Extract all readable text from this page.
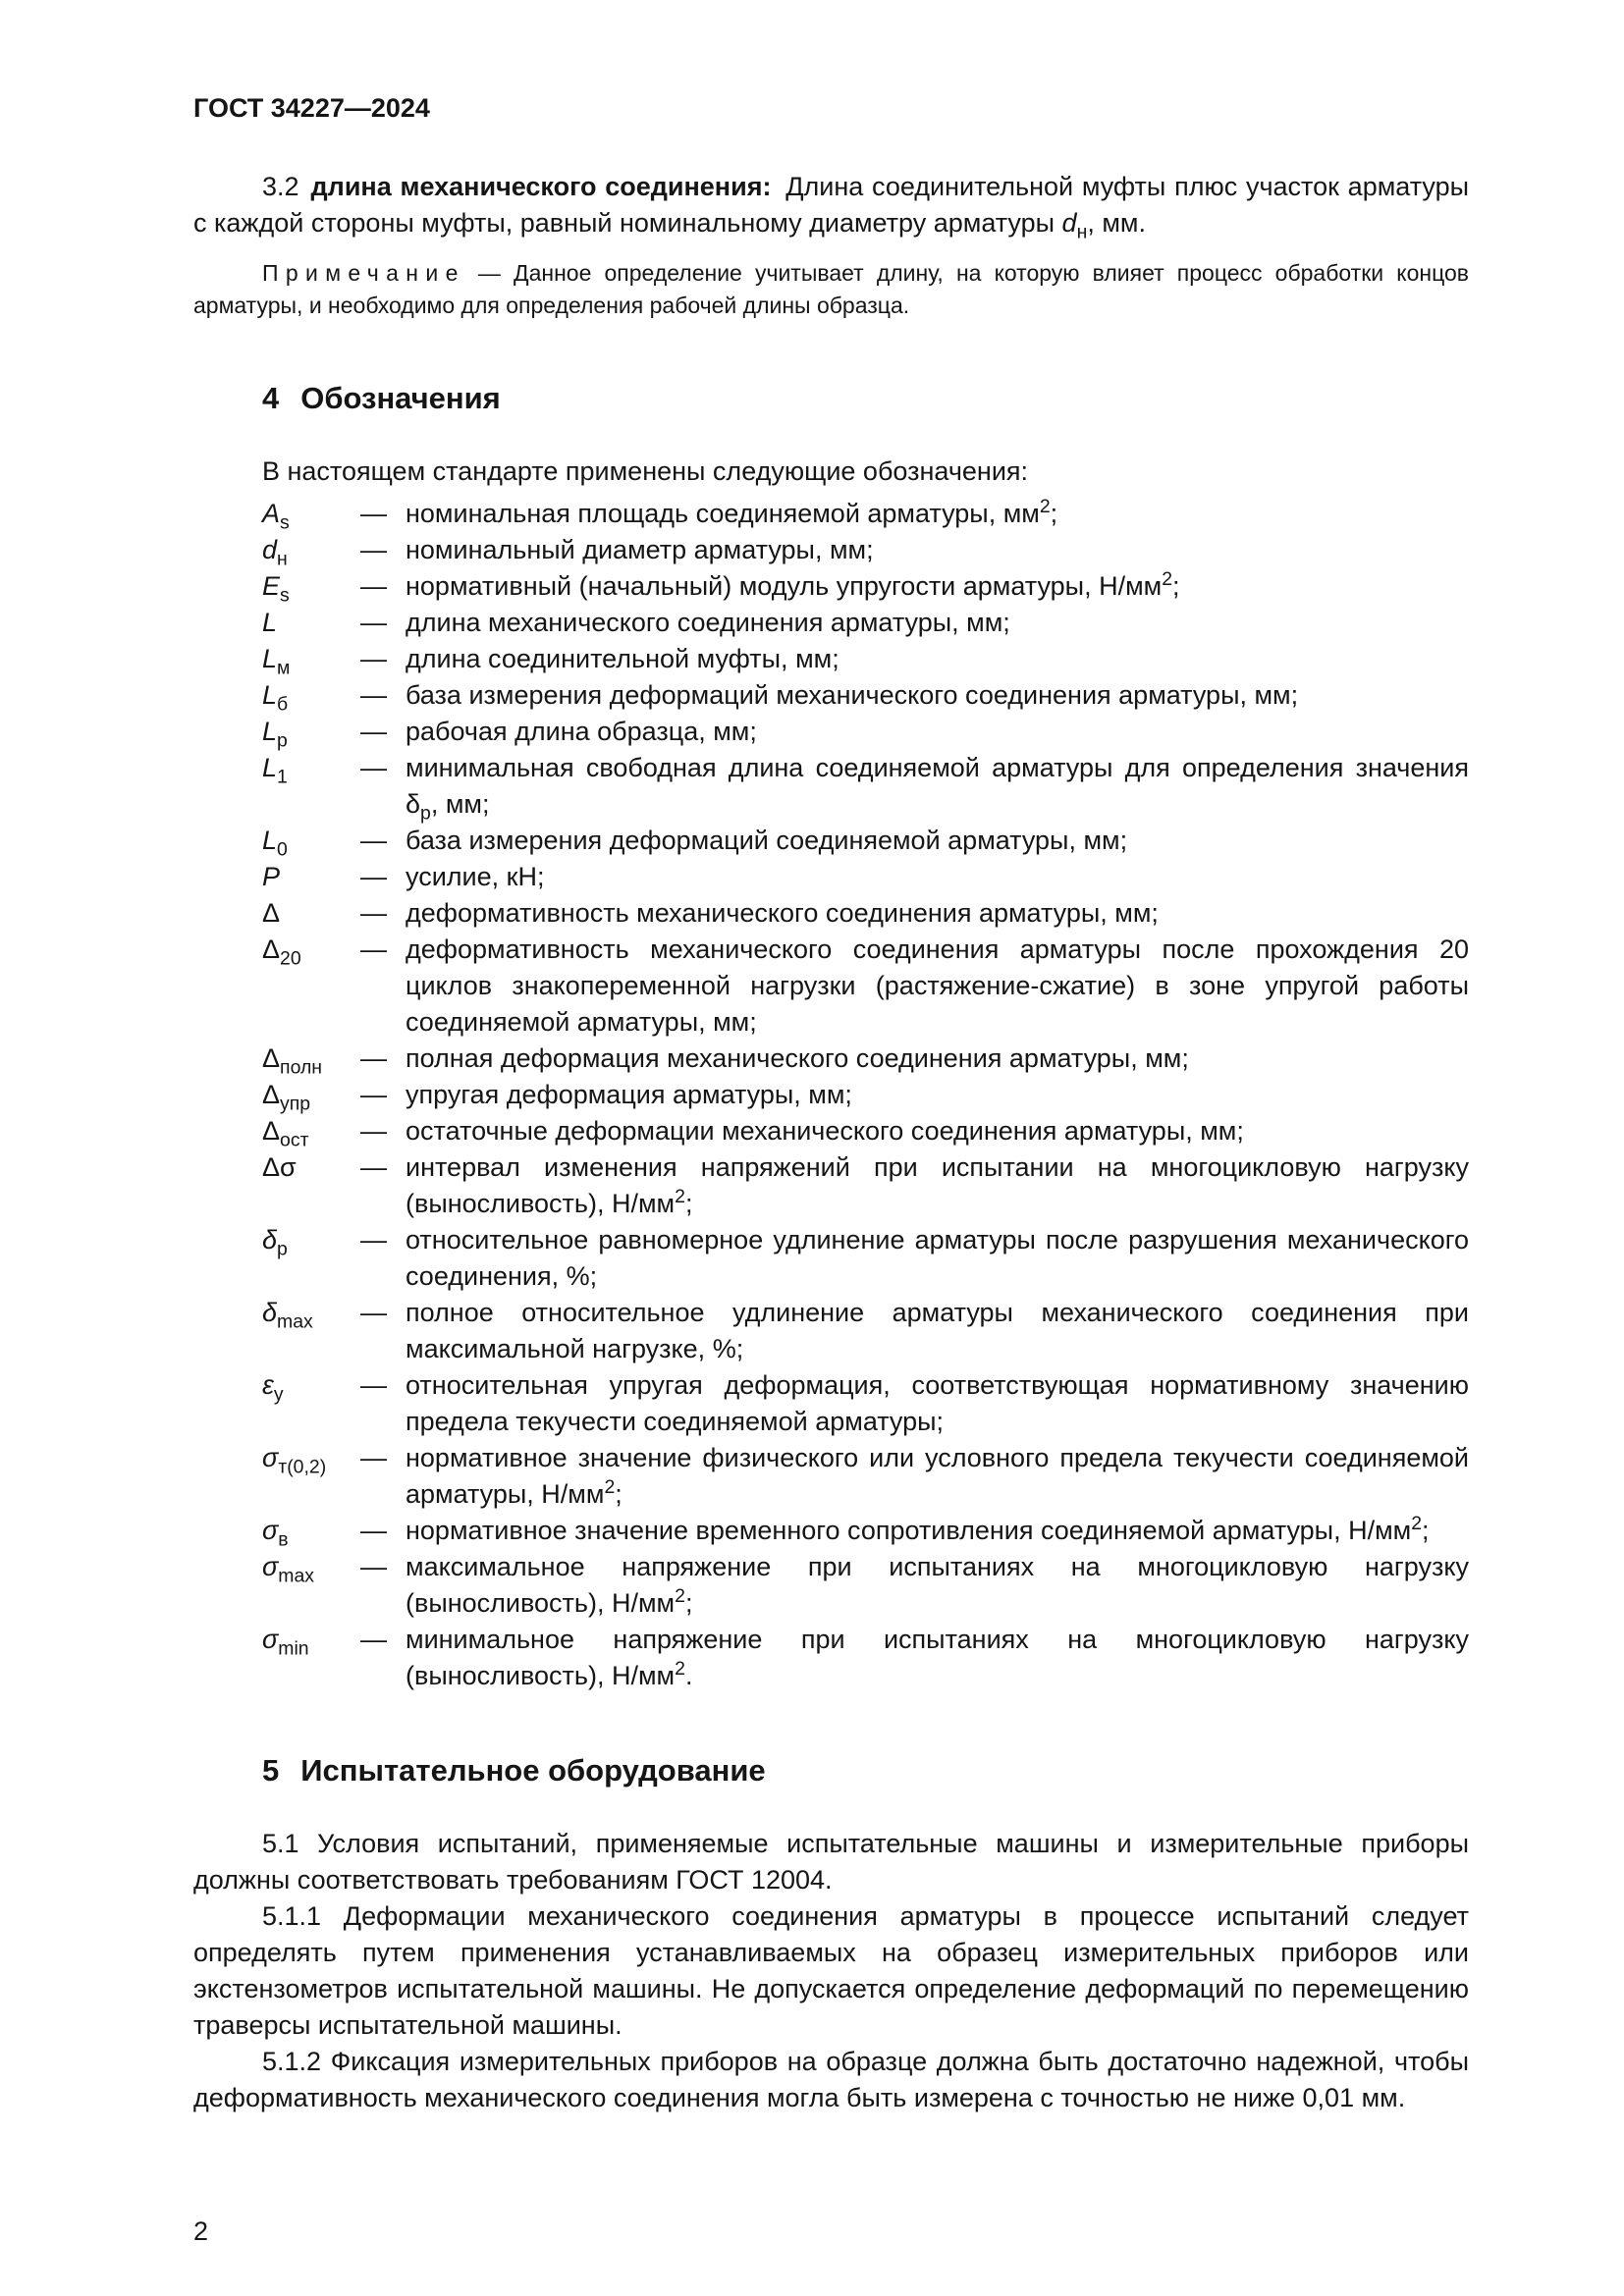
ГОСТ 34227—2024

3.2 длина механического соединения: Длина соединительной муфты плюс участок арматуры с каждой стороны муфты, равный номинальному диаметру арматуры $d_н$, мм.

Примечание — Данное определение учитывает длину, на которую влияет процесс обработки концов арматуры, и необходимо для определения рабочей длины образца.

4 Обозначения

В настоящем стандарте применены следующие обозначения:

$A_s$	— номинальная площадь соединяемой арматуры, $мм^2$;
$d_н$	— номинальный диаметр арматуры, мм;
$E_s$	— нормативный (начальный) модуль упругости арматуры, $Н/мм^2$;
L	— длина механического соединения арматуры, мм;
$L_м$	— длина соединительной муфты, мм;
$L_б$	— база измерения деформаций механического соединения арматуры, мм;
$L_р$	— рабочая длина образца, мм;
$L_1$	— минимальная свободная длина соединяемой арматуры для определения значения $\delta_р$, мм;
$L_0$	— база измерения деформаций соединяемой арматуры, мм;
P	— усилие, кН;
Δ	— деформативность механического соединения арматуры, мм;
$\Delta_{20}$	— деформативность механического соединения арматуры после прохождения 20 циклов знакопеременной нагрузки (растяжение-сжатие) в зоне упругой работы соединяемой арматуры, мм;
$\Delta_{полн}$	— полная деформация механического соединения арматуры, мм;
$\Delta_{упр}$	— упругая деформация арматуры, мм;
$\Delta_{ост}$	— остаточные деформации механического соединения арматуры, мм;
Δσ	— интервал изменения напряжений при испытании на многоцикловую нагрузку (выносливость), $Н/мм^2$;
$\delta_р$	— относительное равномерное удлинение арматуры после разрушения механического соединения, %;
$\delta_{max}$	— полное относительное удлинение арматуры механического соединения при максимальной нагрузке, %;
$\varepsilon_у$	— относительная упругая деформация, соответствующая нормативному значению предела текучести соединяемой арматуры;
$\sigma_{т(0,2)}$	— нормативное значение физического или условного предела текучести соединяемой арматуры, $Н/мм^2$;
$\sigma_в$	— нормативное значение временного сопротивления соединяемой арматуры, $Н/мм^2$;
$\sigma_{max}$	— максимальное напряжение при испытаниях на многоцикловую нагрузку (выносливость), $Н/мм^2$;
$\sigma_{min}$	— минимальное напряжение при испытаниях на многоцикловую нагрузку (выносливость), $Н/мм^2$.
5 Испытательное оборудование

5.1 Условия испытаний, применяемые испытательные машины и измерительные приборы должны соответствовать требованиям ГОСТ 12004.

5.1.1 Деформации механического соединения арматуры в процессе испытаний следует определять путем применения устанавливаемых на образец измерительных приборов или экстензометров испытательной машины. Не допускается определение деформаций по перемещению траверсы испытательной машины.

5.1.2 Фиксация измерительных приборов на образце должна быть достаточно надежной, чтобы деформативность механического соединения могла быть измерена с точностью не ниже 0,01 мм.

2
